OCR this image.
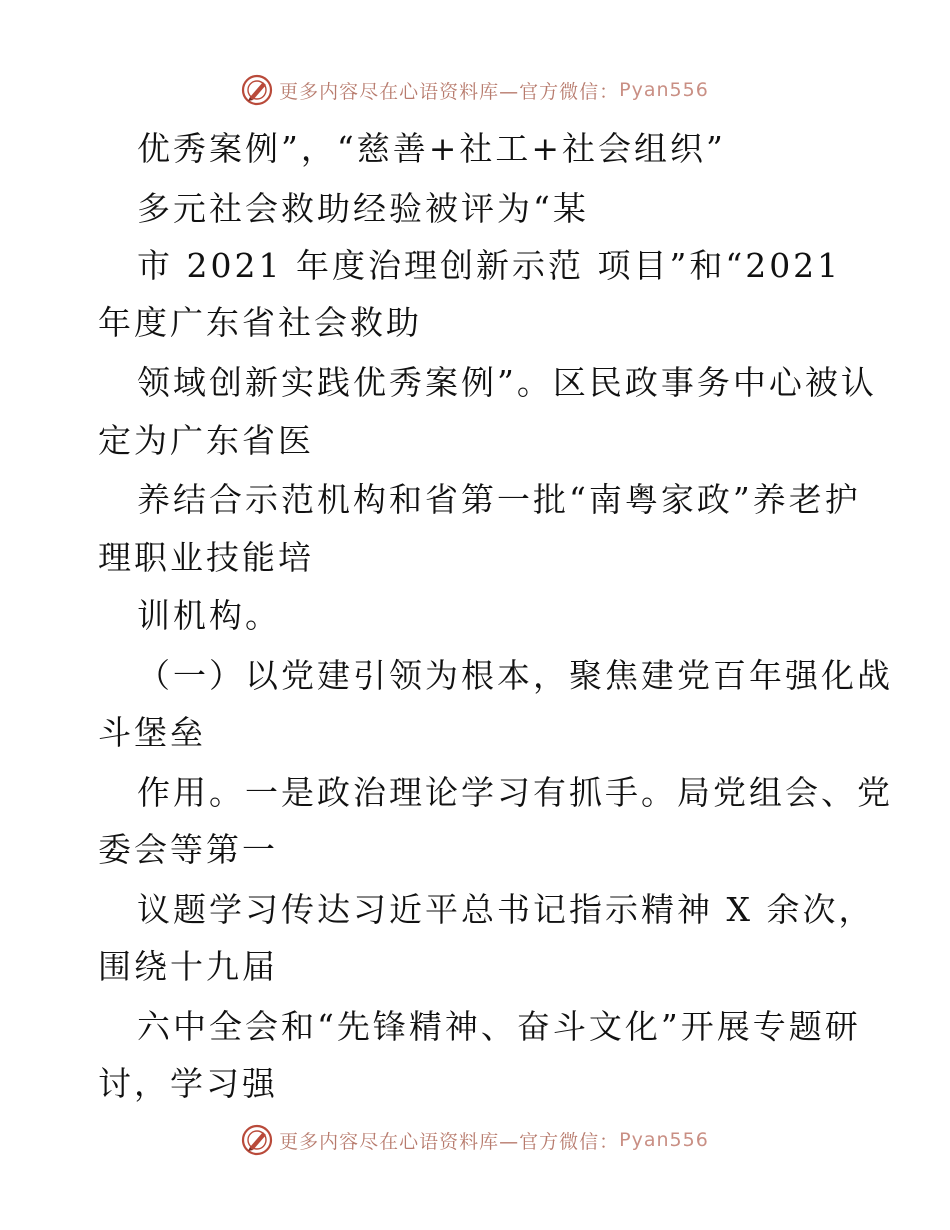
更多内容尽在心语资料库—官方微信： Pyan556
优秀案例”，“慈善+社工+社会组织”
多元社会救助经验被评为“某
市 2021 年度治理创新示范 项目”和“2021
年度广东省社会救助
领域创新实践优秀案例”。区民政事务中心被认
定为广东省医
养结合示范机构和省第一批“南粤家政”养老护
理职业技能培
训机构。
（一）以党建引领为根本，聚焦建党百年强化战
斗堡垒
作用。一是政治理论学习有抓手。局党组会、党
委会等第一
议题学习传达习近平总书记指示精神 X 余次，
围绕十九届
六中全会和“先锋精神、奋斗文化”开展专题研
讨，学习强
更多内容尽在心语资料库—官方微信： Pyan556
